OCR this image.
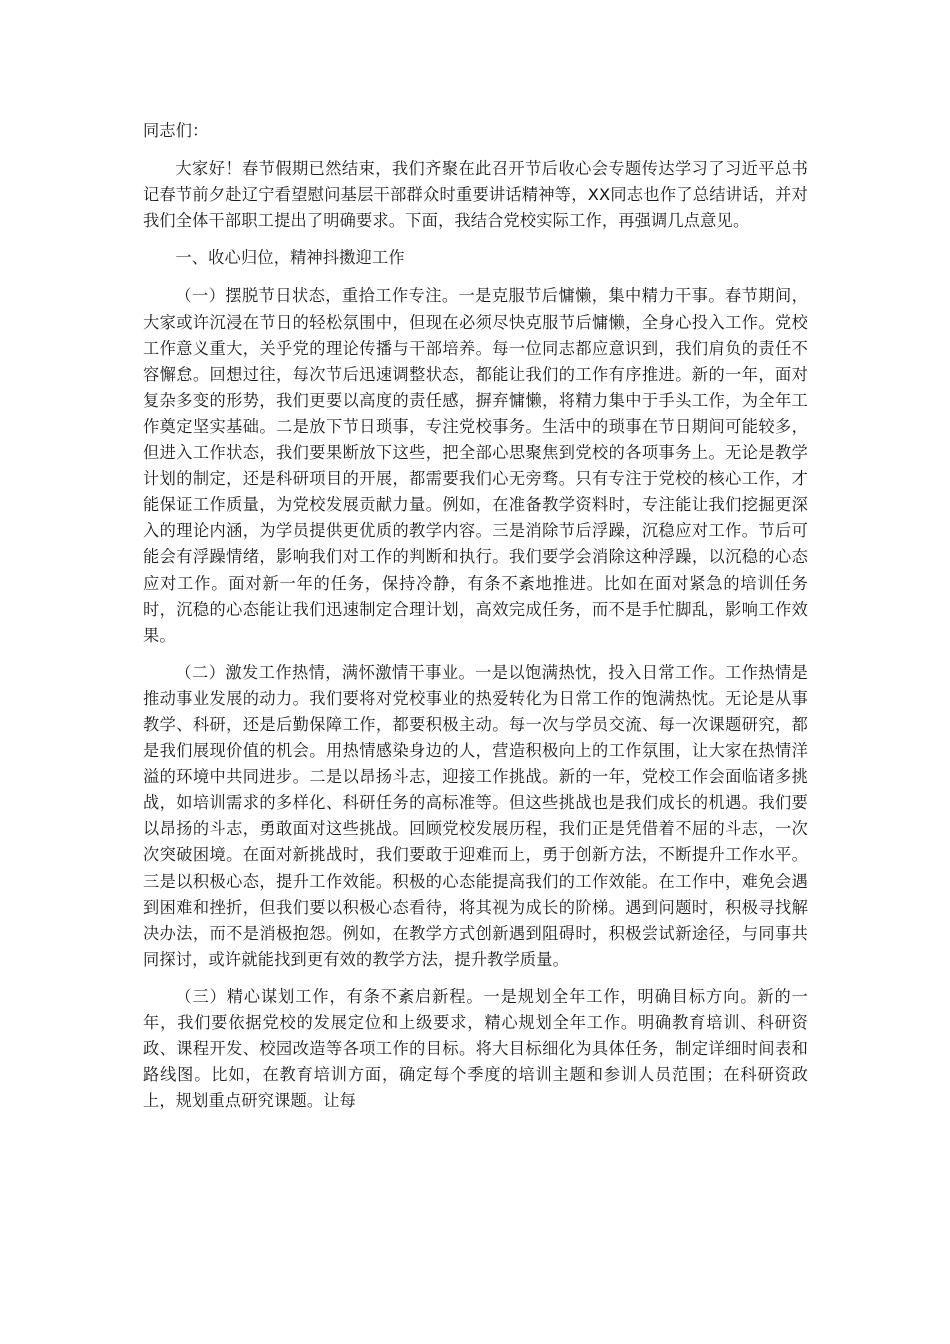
同志们：

大家好！春节假期已然结束，我们齐聚在此召开节后收心会专题传达学习了习近平总书记春节前夕赴辽宁看望慰问基层干部群众时重要讲话精神等，XX同志也作了总结讲话，并对我们全体干部职工提出了明确要求。下面，我结合党校实际工作，再强调几点意见。

一、收心归位，精神抖擞迎工作

（一）摆脱节日状态，重拾工作专注。一是克服节后慵懒，集中精力干事。春节期间，大家或许沉浸在节日的轻松氛围中，但现在必须尽快克服节后慵懒，全身心投入工作。党校工作意义重大，关乎党的理论传播与干部培养。每一位同志都应意识到，我们肩负的责任不容懈怠。回想过往，每次节后迅速调整状态，都能让我们的工作有序推进。新的一年，面对复杂多变的形势，我们更要以高度的责任感，摒弃慵懒，将精力集中于手头工作，为全年工作奠定坚实基础。二是放下节日琐事，专注党校事务。生活中的琐事在节日期间可能较多，但进入工作状态，我们要果断放下这些，把全部心思聚焦到党校的各项事务上。无论是教学计划的制定，还是科研项目的开展，都需要我们心无旁骛。只有专注于党校的核心工作，才能保证工作质量，为党校发展贡献力量。例如，在准备教学资料时，专注能让我们挖掘更深入的理论内涵，为学员提供更优质的教学内容。三是消除节后浮躁，沉稳应对工作。节后可能会有浮躁情绪，影响我们对工作的判断和执行。我们要学会消除这种浮躁，以沉稳的心态应对工作。面对新一年的任务，保持冷静，有条不紊地推进。比如在面对紧急的培训任务时，沉稳的心态能让我们迅速制定合理计划，高效完成任务，而不是手忙脚乱，影响工作效果。

（二）激发工作热情，满怀激情干事业。一是以饱满热忱，投入日常工作。工作热情是推动事业发展的动力。我们要将对党校事业的热爱转化为日常工作的饱满热忱。无论是从事教学、科研，还是后勤保障工作，都要积极主动。每一次与学员交流、每一次课题研究，都是我们展现价值的机会。用热情感染身边的人，营造积极向上的工作氛围，让大家在热情洋溢的环境中共同进步。二是以昂扬斗志，迎接工作挑战。新的一年，党校工作会面临诸多挑战，如培训需求的多样化、科研任务的高标准等。但这些挑战也是我们成长的机遇。我们要以昂扬的斗志，勇敢面对这些挑战。回顾党校发展历程，我们正是凭借着不屈的斗志，一次次突破困境。在面对新挑战时，我们要敢于迎难而上，勇于创新方法，不断提升工作水平。三是以积极心态，提升工作效能。积极的心态能提高我们的工作效能。在工作中，难免会遇到困难和挫折，但我们要以积极心态看待，将其视为成长的阶梯。遇到问题时，积极寻找解决办法，而不是消极抱怨。例如，在教学方式创新遇到阻碍时，积极尝试新途径，与同事共同探讨，或许就能找到更有效的教学方法，提升教学质量。

（三）精心谋划工作，有条不紊启新程。一是规划全年工作，明确目标方向。新的一年，我们要依据党校的发展定位和上级要求，精心规划全年工作。明确教育培训、科研资政、课程开发、校园改造等各项工作的目标。将大目标细化为具体任务，制定详细时间表和路线图。比如，在教育培训方面，确定每个季度的培训主题和参训人员范围；在科研资政上，规划重点研究课题。让每
